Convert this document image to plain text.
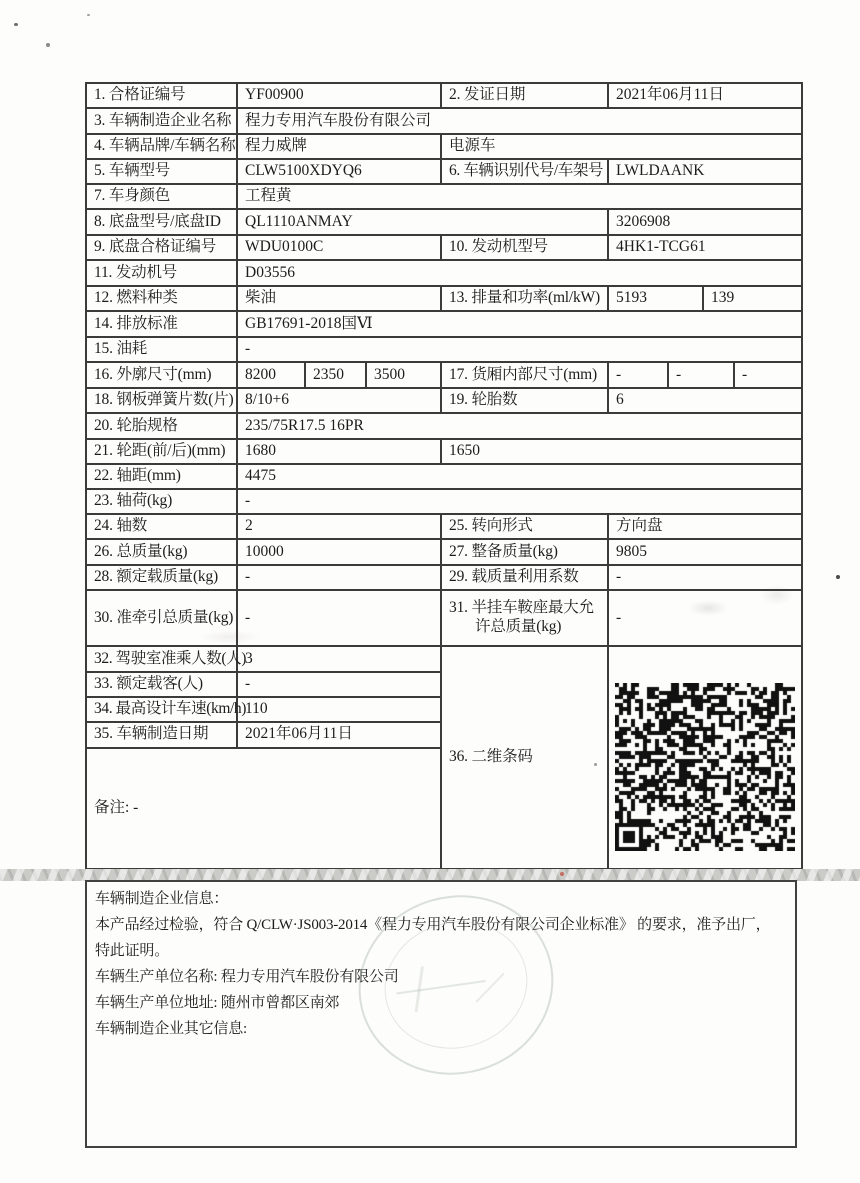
1. 合格证编号	YF00900			2. 发证日期	2021年06月11日			
3. 车辆制造企业名称	程力专用汽车股份有限公司							
4. 车辆品牌/车辆名称	程力威牌			电源车				
5. 车辆型号	CLW5100XDYQ6			6. 车辆识别代号/车架号	LWLDAANK			
7. 车身颜色	工程黄							
8. 底盘型号/底盘ID	QL1110ANMAY				3206908			
9. 底盘合格证编号	WDU0100C			10. 发动机型号	4HK1-TCG61			
11. 发动机号	D03556							
12. 燃料种类	柴油			13. 排量和功率(ml/kW)	5193		139	
14. 排放标准	GB17691-2018国Ⅵ							
15. 油耗	-							
16. 外廓尺寸(mm)	8200	2350	3500	17. 货厢内部尺寸(mm)	-	-		-
18. 钢板弹簧片数(片)	8/10+6			19. 轮胎数	6			
20. 轮胎规格	235/75R17.5 16PR							
21. 轮距(前/后)(mm)	1680			1650				
22. 轴距(mm)	4475							
23. 轴荷(kg)	-							
24. 轴数	2			25. 转向形式	方向盘			
26. 总质量(kg)	10000			27. 整备质量(kg)	9805			
28. 额定载质量(kg)	-			29. 载质量利用系数	-			
30. 准牵引总质量(kg)	-			31. 半挂车鞍座最大允
许总质量(kg)	-			
32. 驾驶室准乘人数(人)	3			36. 二维条码	

33. 额定载客(人)	-							
34. 最高设计车速(km/h)	110							
35. 车辆制造日期	2021年06月11日							
备注: -								
车辆制造企业信息：
本产品经过检验，符合 Q/CLW·JS003-2014《程力专用汽车股份有限公司企业标准》 的要求，准予出厂，
特此证明。
车辆生产单位名称: 程力专用汽车股份有限公司
车辆生产单位地址: 随州市曾都区南郊
车辆制造企业其它信息:
